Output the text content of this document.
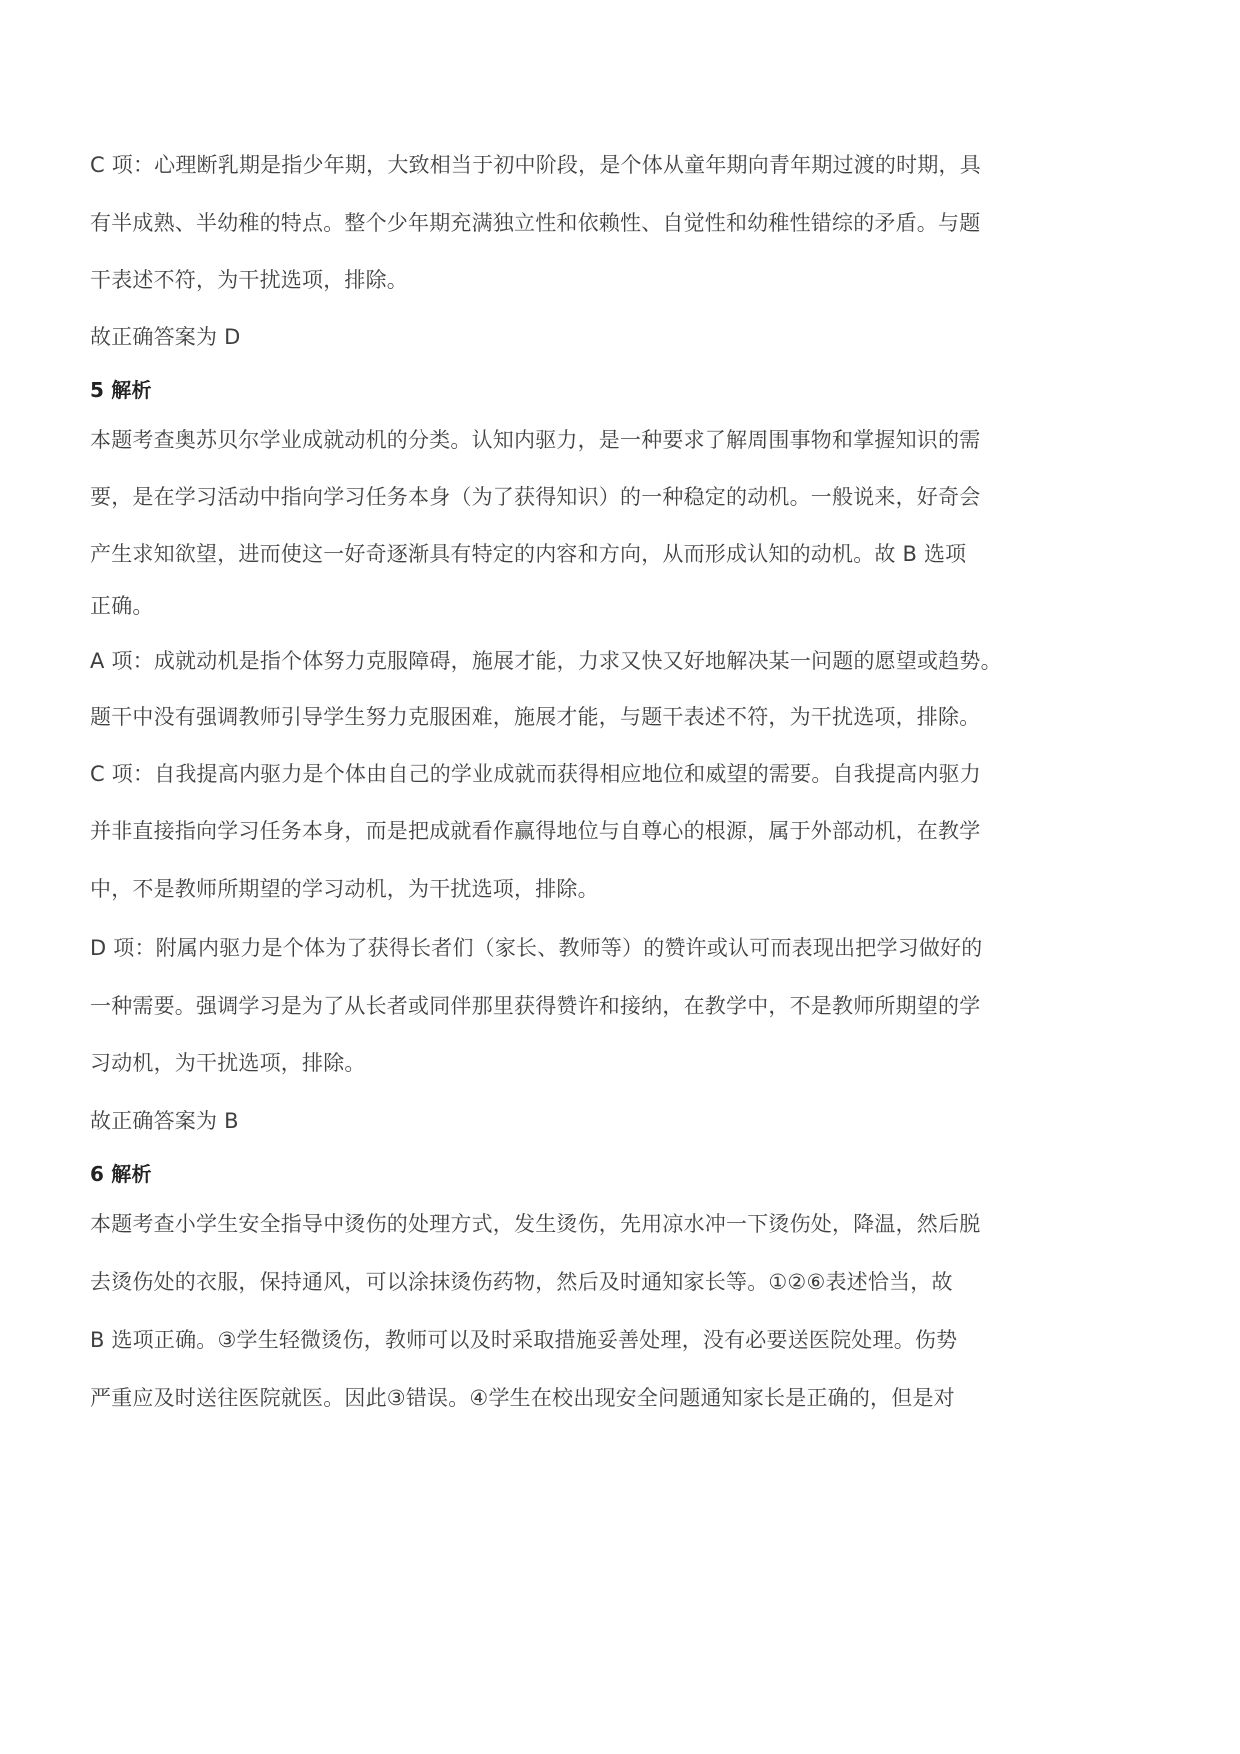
C 项：心理断乳期是指少年期，大致相当于初中阶段，是个体从童年期向青年期过渡的时期，具
有半成熟、半幼稚的特点。整个少年期充满独立性和依赖性、自觉性和幼稚性错综的矛盾。与题
干表述不符，为干扰选项，排除。
故正确答案为 D
5 解析
本题考查奥苏贝尔学业成就动机的分类。认知内驱力，是一种要求了解周围事物和掌握知识的需
要，是在学习活动中指向学习任务本身（为了获得知识）的一种稳定的动机。一般说来，好奇会
产生求知欲望，进而使这一好奇逐渐具有特定的内容和方向，从而形成认知的动机。故 B 选项
正确。
A 项：成就动机是指个体努力克服障碍，施展才能，力求又快又好地解决某一问题的愿望或趋势。
题干中没有强调教师引导学生努力克服困难，施展才能，与题干表述不符，为干扰选项，排除。
C 项：自我提高内驱力是个体由自己的学业成就而获得相应地位和威望的需要。自我提高内驱力
并非直接指向学习任务本身，而是把成就看作赢得地位与自尊心的根源，属于外部动机，在教学
中，不是教师所期望的学习动机，为干扰选项，排除。
D 项：附属内驱力是个体为了获得长者们（家长、教师等）的赞许或认可而表现出把学习做好的
一种需要。强调学习是为了从长者或同伴那里获得赞许和接纳，在教学中，不是教师所期望的学
习动机，为干扰选项，排除。
故正确答案为 B
6 解析
本题考查小学生安全指导中烫伤的处理方式，发生烫伤，先用凉水冲一下烫伤处，降温，然后脱
去烫伤处的衣服，保持通风，可以涂抹烫伤药物，然后及时通知家长等。①②⑥表述恰当，故
B 选项正确。③学生轻微烫伤，教师可以及时采取措施妥善处理，没有必要送医院处理。伤势
严重应及时送往医院就医。因此③错误。④学生在校出现安全问题通知家长是正确的，但是对
